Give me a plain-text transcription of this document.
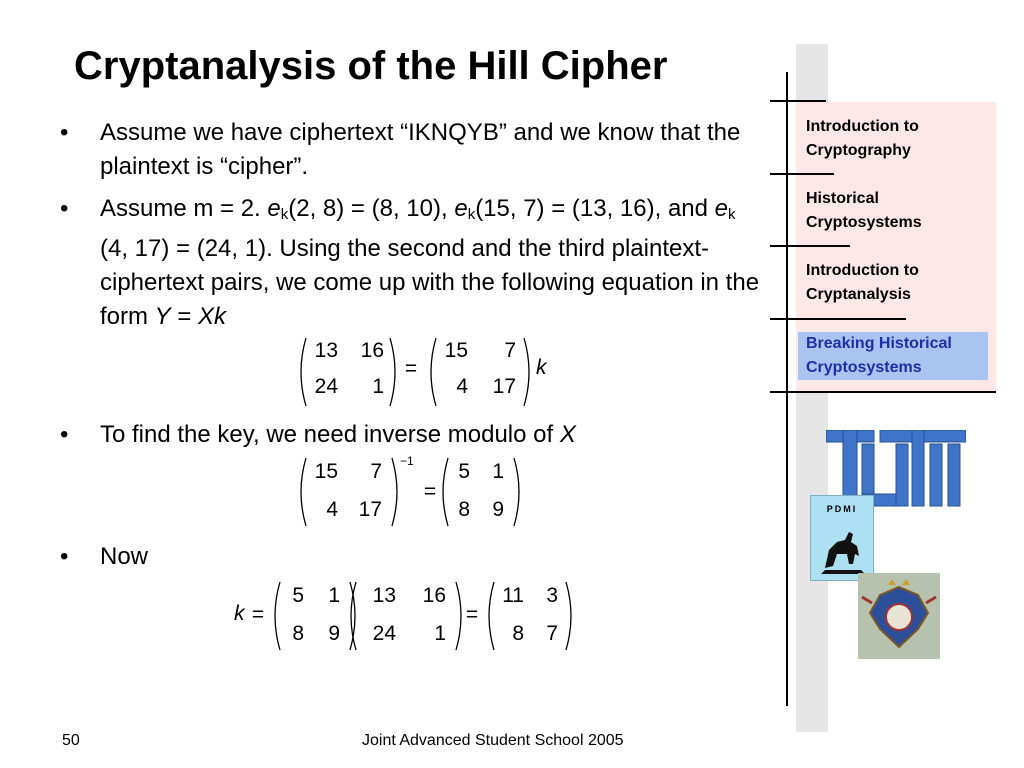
Cryptanalysis of the Hill Cipher
Introduction to
Cryptography
Historical
Cryptosystems
Introduction to
Cryptanalysis
Breaking Historical
Cryptosystems
PDMI
• Assume we have ciphertext “IKNQYB” and we know that the plaintext is “cipher”.
• Assume m = 2. $e_k(2$, 8) = (8, 10), $e_k(15$, 7) = (13, 16), and $e_k$ (4, 17) = (24, 1). Using the second and the third plaintext-ciphertext pairs, we come up with the following equation in the form Y = Xk
13 16
24	1
=
15	7
4 17
k
• To find the key, we need inverse modulo of X
15	7
4 17
−1
=
5	1
8	9
• Now
k =
5	1
8	9
13	16
24	1
=
11	3
8	7
50	Joint Advanced Student School 2005
